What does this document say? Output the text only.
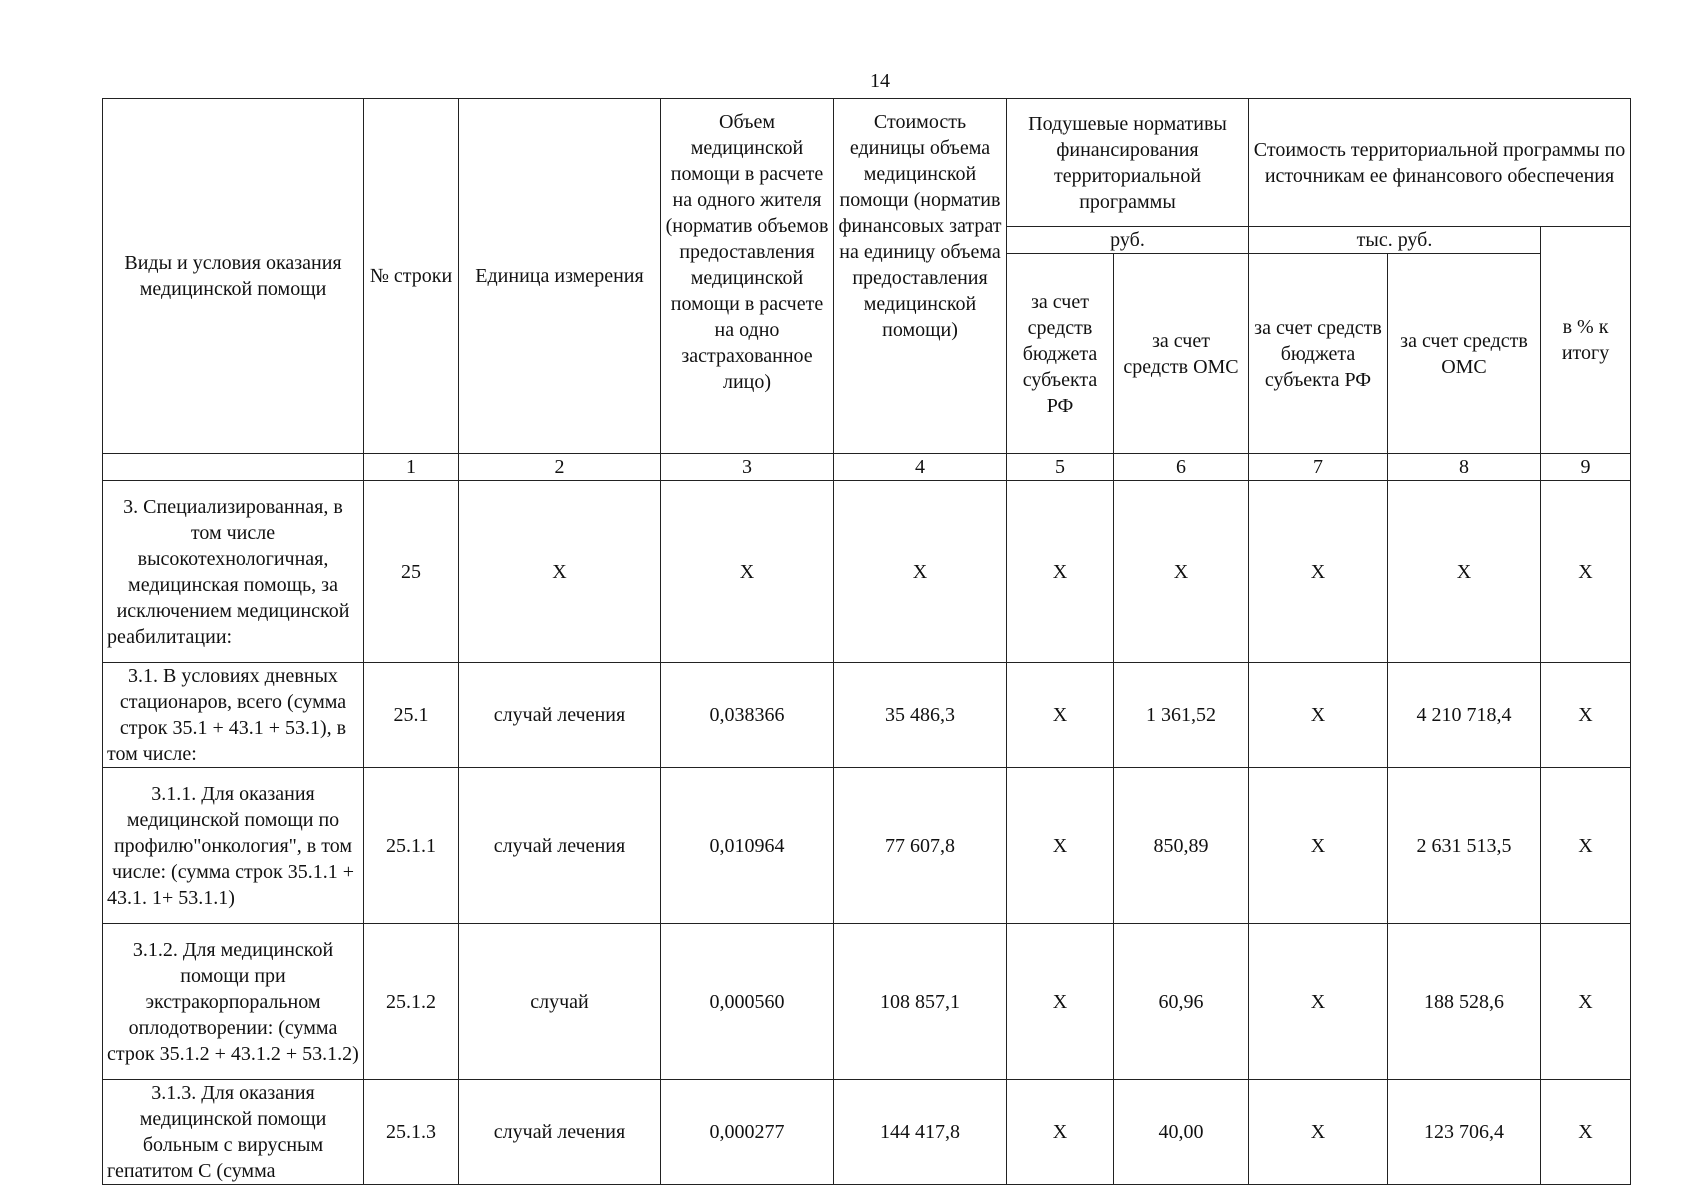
14
Виды и условия оказания медицинской помощи	№ строки	Единица измерения	Объем медицинской помощи в расчете на одного жителя (норматив объемов предоставления медицинской помощи в расчете на одно застрахованное лицо)	Стоимость единицы объема медицинской помощи (норматив финансовых затрат на единицу объема предоставления медицинской помощи)	Подушевые нормативы финансирования территориальной программы		Стоимость территориальной программы по источникам ее финансового обеспечения		
					руб.		тыс. руб.		в % к итогу
					за счет средств бюджета субъекта РФ	за счет средств ОМС	за счет средств бюджета субъекта РФ	за счет средств ОМС	
	1	2	3	4	5	6	7	8	9
3. Специализированная, в том числе высокотехнологичная, медицинская помощь, за исключением медицинской реабилитации:	25	X	X	X	X	X	X	X	X
3.1. В условиях дневных стационаров, всего (сумма строк 35.1 + 43.1 + 53.1), в том числе:	25.1	случай лечения	0,038366	35 486,3	X	1 361,52	X	4 210 718,4	X
3.1.1. Для оказания медицинской помощи по профилю"онкология", в том числе: (сумма строк 35.1.1 + 43.1. 1+ 53.1.1)	25.1.1	случай лечения	0,010964	77 607,8	X	850,89	X	2 631 513,5	X
3.1.2. Для медицинской помощи при экстракорпоральном оплодотворении: (сумма строк 35.1.2 + 43.1.2 + 53.1.2)	25.1.2	случай	0,000560	108 857,1	X	60,96	X	188 528,6	X
3.1.3. Для оказания медицинской помощи больным с вирусным гепатитом С (сумма	25.1.3	случай лечения	0,000277	144 417,8	X	40,00	X	123 706,4	X
